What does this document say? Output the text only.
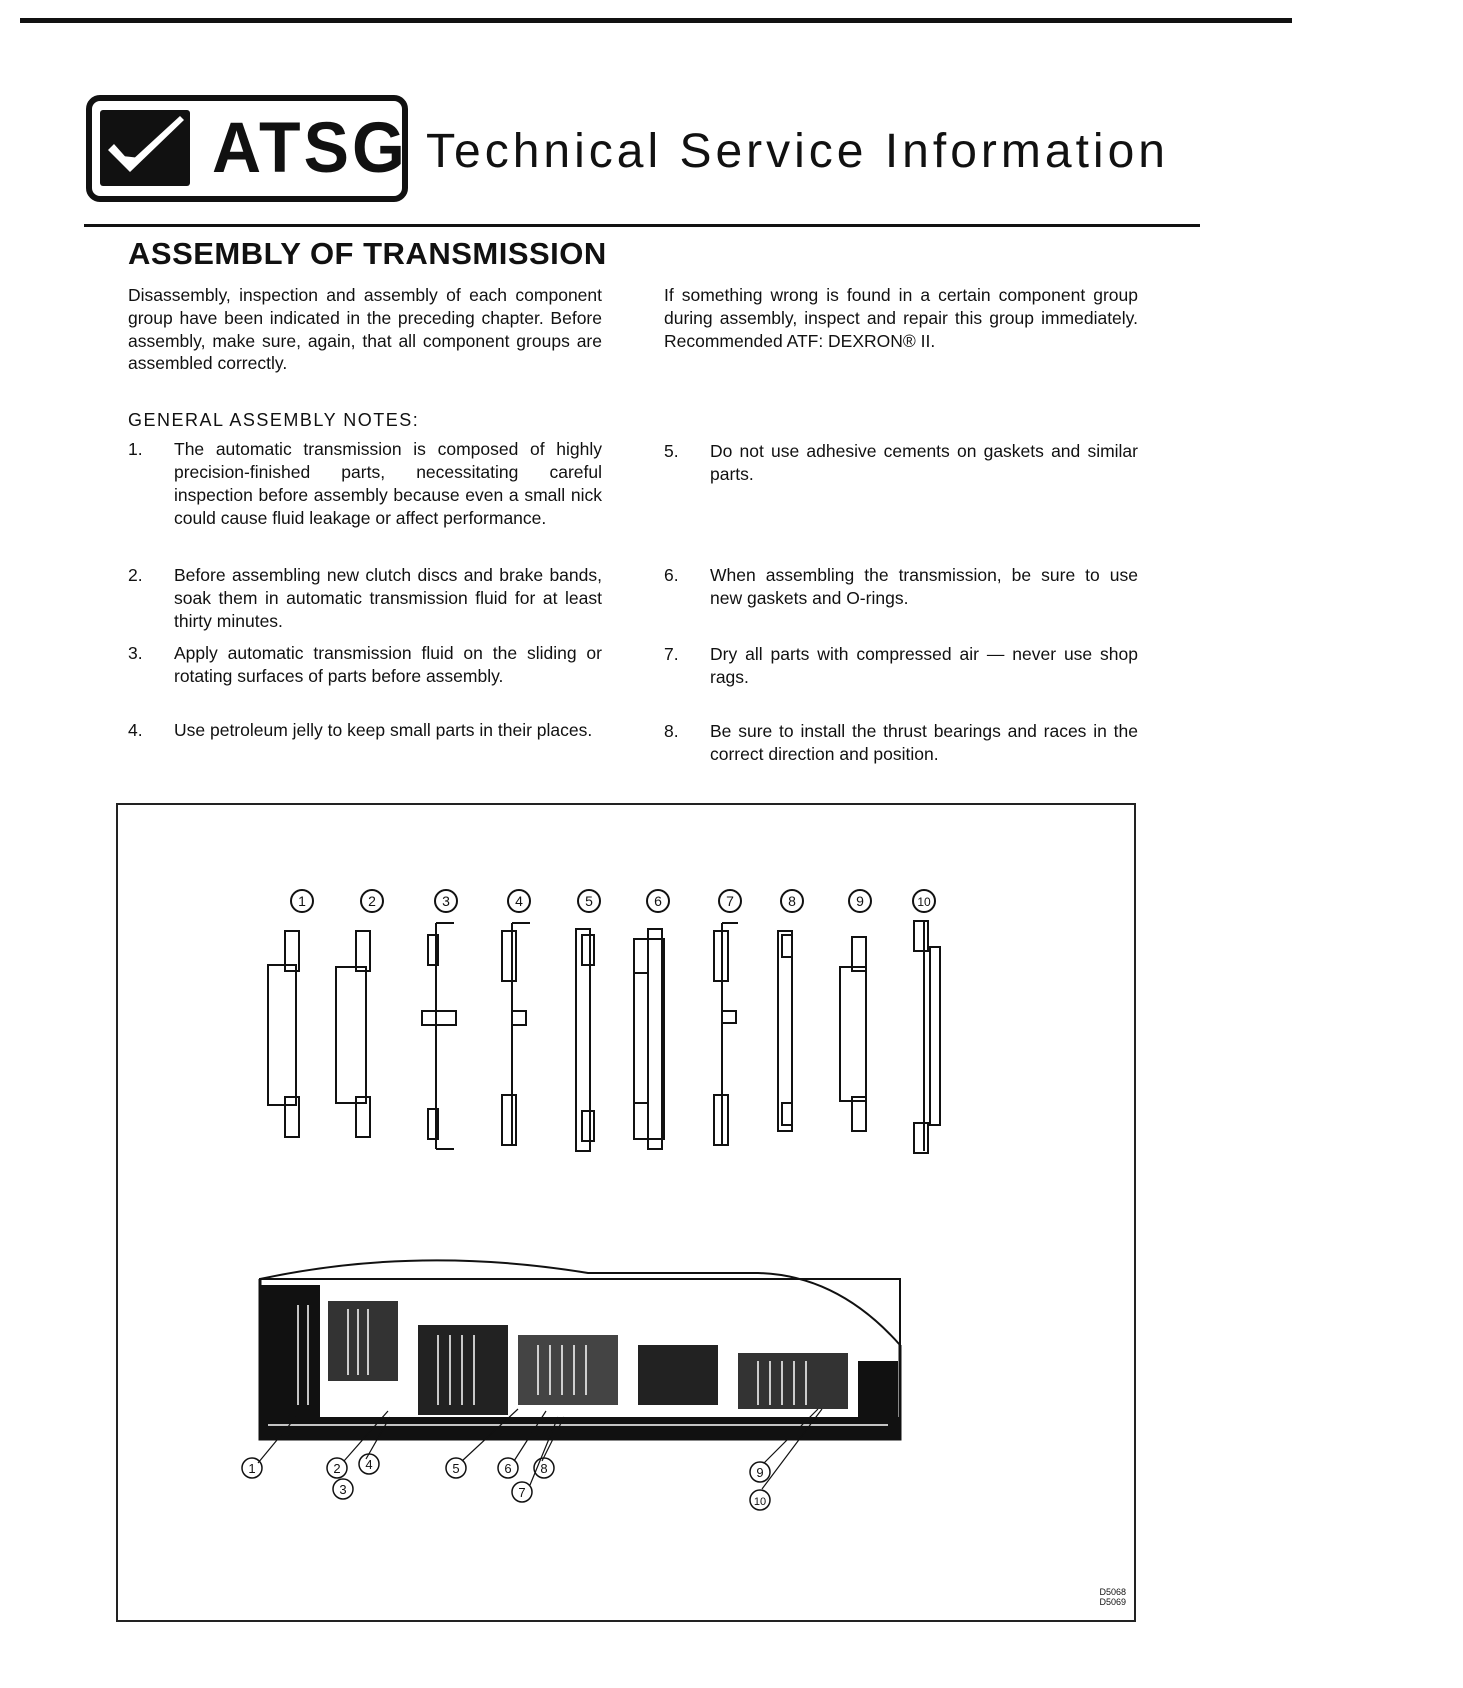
ATSG Technical Service Information
ASSEMBLY OF TRANSMISSION
Disassembly, inspection and assembly of each component group have been indicated in the preceding chapter. Before assembly, make sure, again, that all component groups are assembled correctly.
If something wrong is found in a certain component group during assembly, inspect and repair this group immediately. Recommended ATF: DEXRON® II.
GENERAL ASSEMBLY NOTES:
1.	The automatic transmission is composed of highly precision-finished parts, necessitating careful inspection before assembly because even a small nick could cause fluid leakage or affect performance.
2.	Before assembling new clutch discs and brake bands, soak them in automatic transmission fluid for at least thirty minutes.
3.	Apply automatic transmission fluid on the sliding or rotating surfaces of parts before assembly.
4.	Use petroleum jelly to keep small parts in their places.
5.	Do not use adhesive cements on gaskets and similar parts.
6.	When assembling the transmission, be sure to use new gaskets and O-rings.
7.	Dry all parts with compressed air — never use shop rags.
8.	Be sure to install the thrust bearings and races in the correct direction and position.
1	2	3	4	5	6	7	8	9	10
1	2
3
4	5	6
7
8	9
10
D5068
D5069
